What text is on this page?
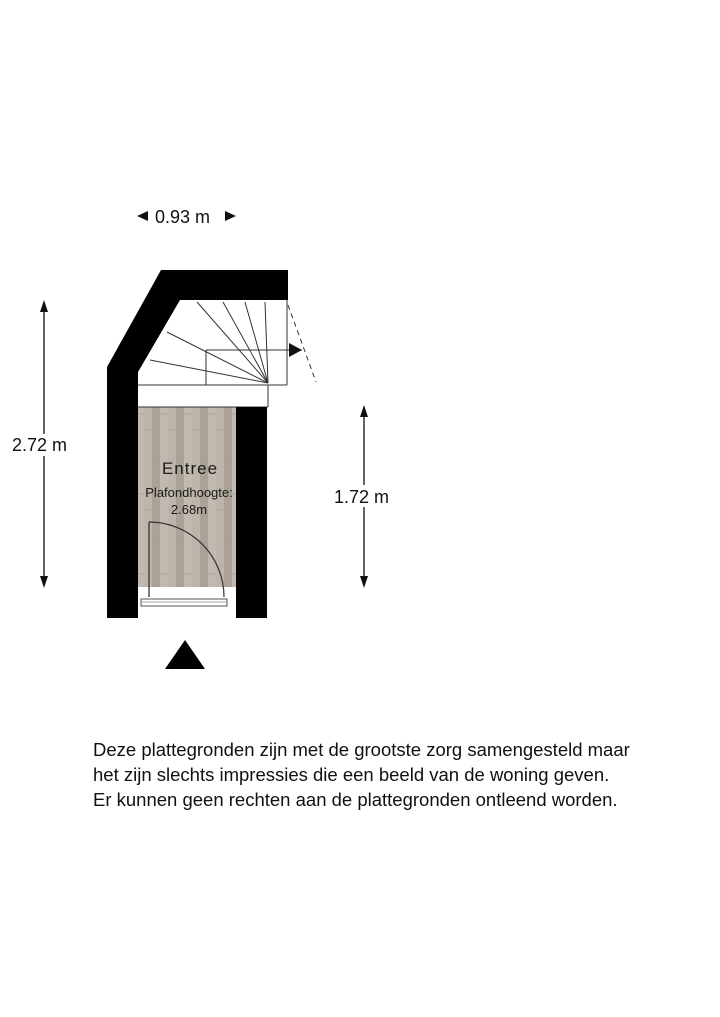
0.93 m
2.72 m
1.72 m
Entree
Plafondhoogte:
2.68m
Deze plattegronden zijn met de grootste zorg samengesteld maar
het zijn slechts impressies die een beeld van de woning geven.
Er kunnen geen rechten aan de plattegronden ontleend worden.
